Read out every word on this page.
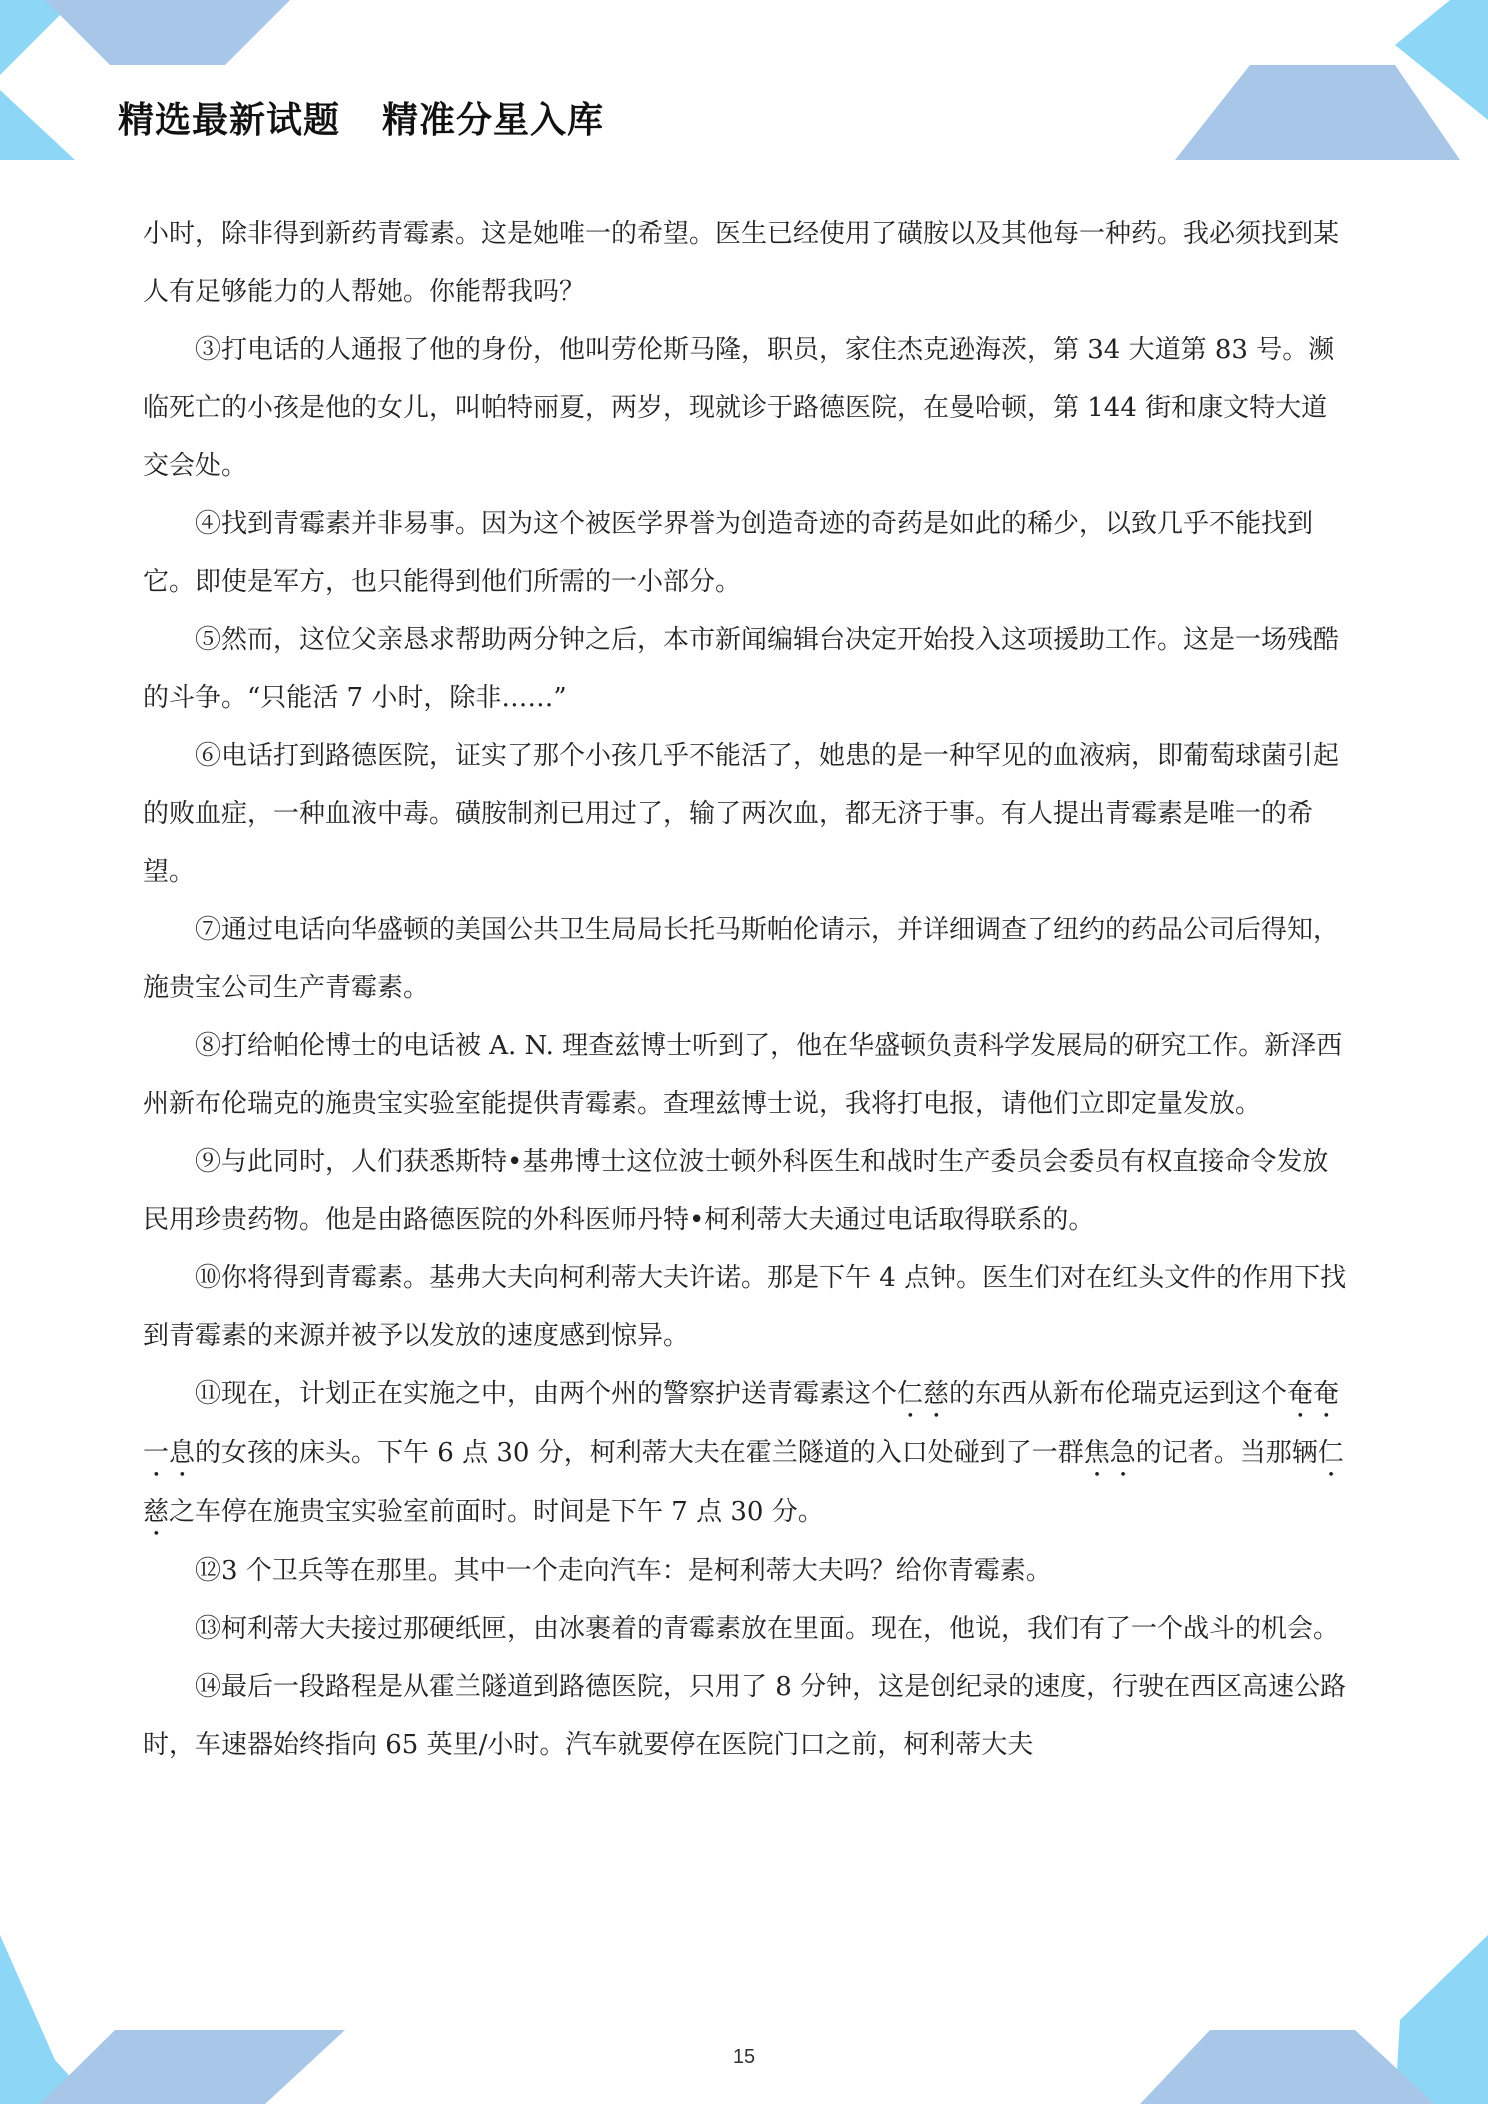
精选最新试题 精准分星入库

小时，除非得到新药青霉素。这是她唯一的希望。医生已经使用了磺胺以及其他每一种药。我必须找到某人有足够能力的人帮她。你能帮我吗？

③打电话的人通报了他的身份，他叫劳伦斯马隆，职员，家住杰克逊海茨，第 34 大道第 83 号。濒临死亡的小孩是他的女儿，叫帕特丽夏，两岁，现就诊于路德医院，在曼哈顿，第 144 街和康文特大道交会处。

④找到青霉素并非易事。因为这个被医学界誉为创造奇迹的奇药是如此的稀少，以致几乎不能找到它。即使是军方，也只能得到他们所需的一小部分。

⑤然而，这位父亲恳求帮助两分钟之后，本市新闻编辑台决定开始投入这项援助工作。这是一场残酷的斗争。“只能活 7 小时，除非……”

⑥电话打到路德医院，证实了那个小孩几乎不能活了，她患的是一种罕见的血液病，即葡萄球菌引起的败血症，一种血液中毒。磺胺制剂已用过了，输了两次血，都无济于事。有人提出青霉素是唯一的希望。

⑦通过电话向华盛顿的美国公共卫生局局长托马斯帕伦请示，并详细调查了纽约的药品公司后得知，施贵宝公司生产青霉素。

⑧打给帕伦博士的电话被 A. N. 理查兹博士听到了，他在华盛顿负责科学发展局的研究工作。新泽西州新布伦瑞克的施贵宝实验室能提供青霉素。查理兹博士说，我将打电报，请他们立即定量发放。

⑨与此同时，人们获悉斯特•基弗博士这位波士顿外科医生和战时生产委员会委员有权直接命令发放民用珍贵药物。他是由路德医院的外科医师丹特•柯利蒂大夫通过电话取得联系的。

⑩你将得到青霉素。基弗大夫向柯利蒂大夫许诺。那是下午 4 点钟。医生们对在红头文件的作用下找到青霉素的来源并被予以发放的速度感到惊异。

⑪现在，计划正在实施之中，由两个州的警察护送青霉素这个仁慈的东西从新布伦瑞克运到这个奄奄一息的女孩的床头。下午 6 点 30 分，柯利蒂大夫在霍兰隧道的入口处碰到了一群焦急的记者。当那辆仁慈之车停在施贵宝实验室前面时。时间是下午 7 点 30 分。

⑫3 个卫兵等在那里。其中一个走向汽车：是柯利蒂大夫吗？给你青霉素。

⑬柯利蒂大夫接过那硬纸匣，由冰裹着的青霉素放在里面。现在，他说，我们有了一个战斗的机会。

⑭最后一段路程是从霍兰隧道到路德医院，只用了 8 分钟，这是创纪录的速度，行驶在西区高速公路时，车速器始终指向 65 英里/小时。汽车就要停在医院门口之前，柯利蒂大夫

15
